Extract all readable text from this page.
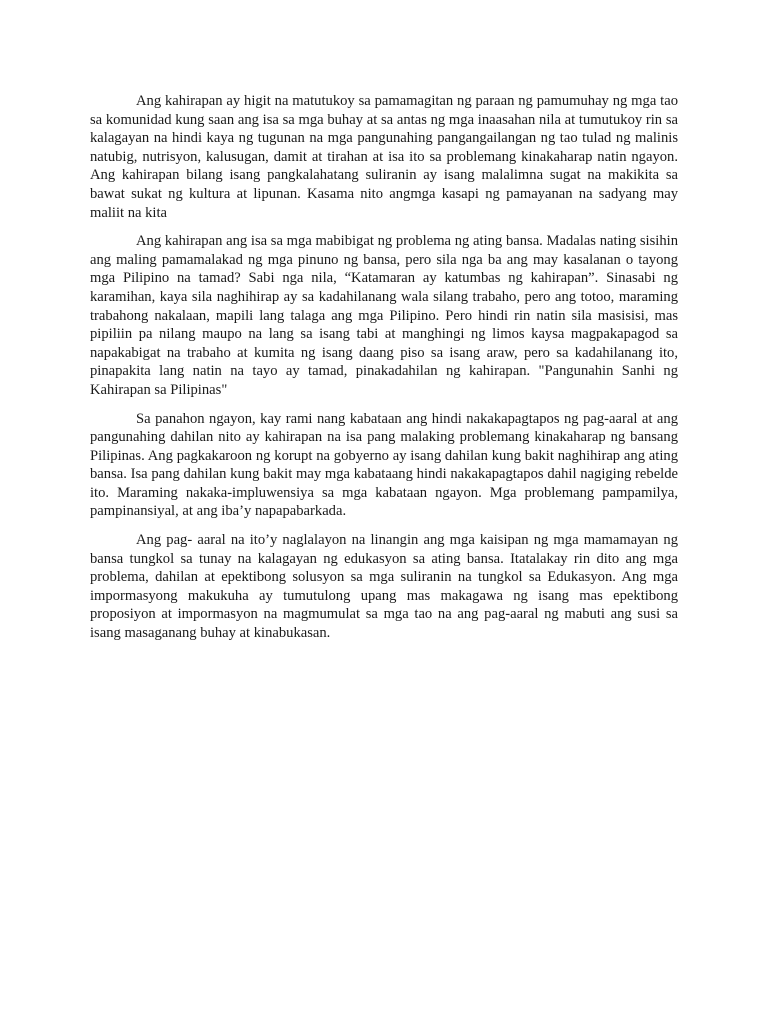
Ang kahirapan ay higit na matutukoy sa pamamagitan ng paraan ng pamumuhay ng mga tao sa komunidad kung saan ang isa sa mga buhay at sa antas ng mga inaasahan nila at tumutukoy rin sa kalagayan na hindi kaya ng tugunan na mga pangunahing pangangailangan ng tao tulad ng malinis natubig, nutrisyon, kalusugan, damit at tirahan at isa ito sa problemang kinakaharap natin ngayon. Ang kahirapan bilang isang pangkalahatang suliranin ay isang malalimna sugat na makikita sa bawat sukat ng kultura at lipunan. Kasama nito angmga kasapi ng pamayanan na sadyang may maliit na kita

Ang kahirapan ang isa sa mga mabibigat ng problema ng ating bansa. Madalas nating sisihin ang maling pamamalakad ng mga pinuno ng bansa, pero sila nga ba ang may kasalanan o tayong mga Pilipino na tamad? Sabi nga nila, “Katamaran ay katumbas ng kahirapan”. Sinasabi ng karamihan, kaya sila naghihirap ay sa kadahilanang wala silang trabaho, pero ang totoo, maraming trabahong nakalaan, mapili lang talaga ang mga Pilipino. Pero hindi rin natin sila masisisi, mas pipiliin pa nilang maupo na lang sa isang tabi at manghingi ng limos kaysa magpakapagod sa napakabigat na trabaho at kumita ng isang daang piso sa isang araw, pero sa kadahilanang ito, pinapakita lang natin na tayo ay tamad, pinakadahilan ng kahirapan. "Pangunahin Sanhi ng Kahirapan sa Pilipinas"

Sa panahon ngayon, kay rami nang kabataan ang hindi nakakapagtapos ng pag-aaral at ang pangunahing dahilan nito ay kahirapan na isa pang malaking problemang kinakaharap ng bansang Pilipinas. Ang pagkakaroon ng korupt na gobyerno ay isang dahilan kung bakit naghihirap ang ating bansa. Isa pang dahilan kung bakit may mga kabataang hindi nakakapagtapos dahil nagiging rebelde ito. Maraming nakaka-impluwensiya sa mga kabataan ngayon. Mga problemang pampamilya, pampinansiyal, at ang iba’y napapabarkada.

Ang pag- aaral na ito’y naglalayon na linangin ang mga kaisipan ng mga mamamayan ng bansa tungkol sa tunay na kalagayan ng edukasyon sa ating bansa. Itatalakay rin dito ang mga problema, dahilan at epektibong solusyon sa mga suliranin na tungkol sa Edukasyon. Ang mga impormasyong makukuha ay tumutulong upang mas makagawa ng isang mas epektibong proposiyon at impormasyon na magmumulat sa mga tao na ang pag-aaral ng mabuti ang susi sa isang masaganang buhay at kinabukasan.
